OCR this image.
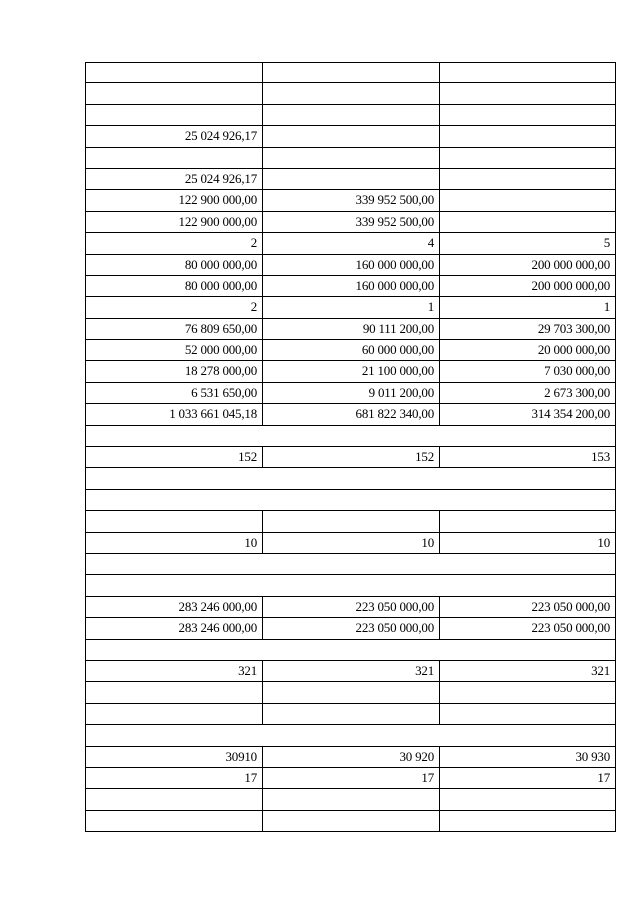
25 024 926,17
25 024 926,17
122 900 000,00	339 952 500,00
122 900 000,00	339 952 500,00
2	4	5
80 000 000,00	160 000 000,00	200 000 000,00
80 000 000,00	160 000 000,00	200 000 000,00
2	1	1
76 809 650,00	90 111 200,00	29 703 300,00
52 000 000,00	60 000 000,00	20 000 000,00
18 278 000,00	21 100 000,00	7 030 000,00
6 531 650,00	9 011 200,00	2 673 300,00
1 033 661 045,18	681 822 340,00	314 354 200,00
152	152	153
10	10	10
283 246 000,00	223 050 000,00	223 050 000,00
283 246 000,00	223 050 000,00	223 050 000,00
321	321	321
30910	30 920	30 930
17	17	17
